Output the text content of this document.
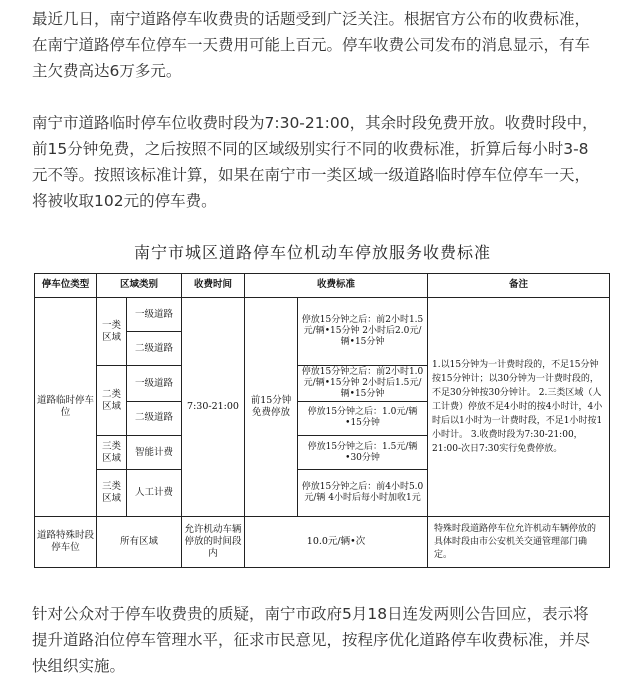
最近几日，南宁道路停车收费贵的话题受到广泛关注。根据官方公布的收费标准，在南宁道路停车位停车一天费用可能上百元。停车收费公司发布的消息显示，有车主欠费高达6万多元。

南宁市道路临时停车位收费时段为7:30-21:00，其余时段免费开放。收费时段中，前15分钟免费，之后按照不同的区域级别实行不同的收费标准，折算后每小时3-8元不等。按照该标准计算，如果在南宁市一类区域一级道路临时停车位停车一天，将被收取102元的停车费。

南宁市城区道路停车位机动车停放服务收费标准
停车位类型	区域类别		收费时间	收费标准		备注
道路临时停车位	一类区域	一级道路	7:30-21:00	前15分钟免费停放	停放15分钟之后：前2小时1.5元/辆•15分钟 2小时后2.0元/辆•15分钟	1.以15分钟为一计费时段的，不足15分钟按15分钟计；以30分钟为一计费时段的，不足30分钟按30分钟计。 2.三类区域（人工计费）停放不足4小时的按4小时计，4小时后以1小时为一计费时段，不足1小时按1小时计。 3.收费时段为7:30-21:00，21:00-次日7:30实行免费停放。
		二级道路				
	二类区域	一级道路			停放15分钟之后：前2小时1.0元/辆•15分钟 2小时后1.5元/辆•15分钟	
		二级道路			停放15分钟之后：1.0元/辆•15分钟	
	三类区域	智能计费			停放15分钟之后：1.5元/辆•30分钟	
	三类区域	人工计费			停放15分钟之后：前4小时5.0元/辆 4小时后每小时加收1元	
道路特殊时段停车位	所有区域		允许机动车辆停放的时间段内	10.0元/辆•次		特殊时段道路停车位允许机动车辆停放的具体时段由市公安机关交通管理部门确定。

针对公众对于停车收费贵的质疑，南宁市政府5月18日连发两则公告回应，表示将提升道路泊位停车管理水平，征求市民意见，按程序优化道路停车收费标准，并尽快组织实施。
